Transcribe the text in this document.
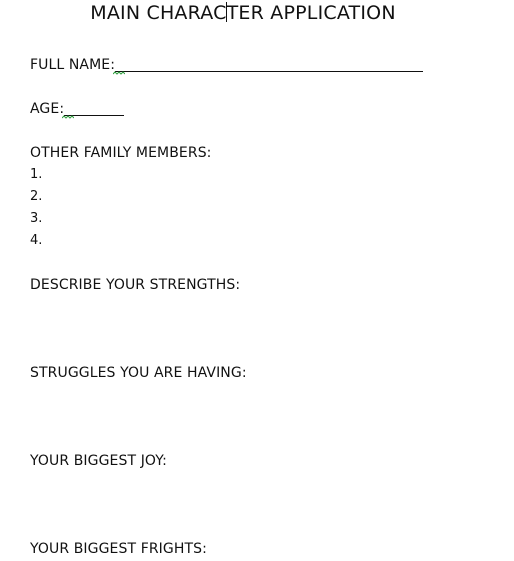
MAIN CHARACTER APPLICATION
FULL NAME:
AGE:
OTHER FAMILY MEMBERS:
1.
2.
3.
4.
DESCRIBE YOUR STRENGTHS:
STRUGGLES YOU ARE HAVING:
YOUR BIGGEST JOY:
YOUR BIGGEST FRIGHTS:
